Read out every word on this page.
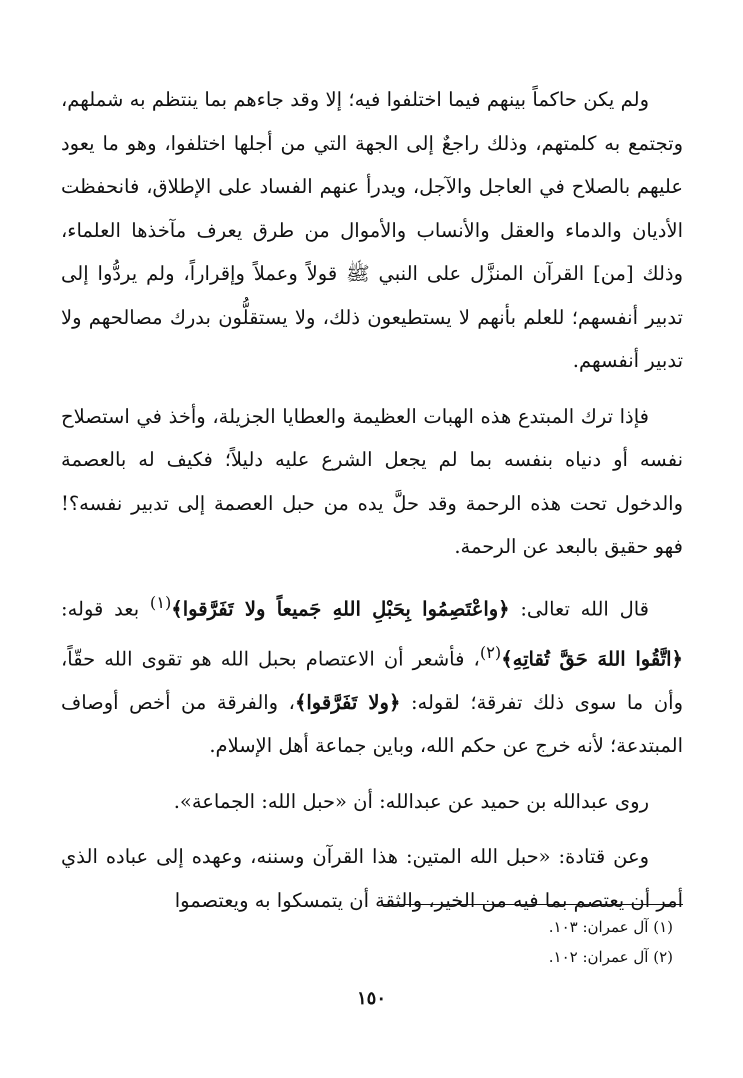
ولم يكن حاكماً بينهم فيما اختلفوا فيه؛ إلا وقد جاءهم بما ينتظم به شملهم، وتجتمع به كلمتهم، وذلك راجعٌ إلى الجهة التي من أجلها اختلفوا، وهو ما يعود عليهم بالصلاح في العاجل والآجل، ويدرأ عنهم الفساد على الإطلاق، فانحفظت الأديان والدماء والعقل والأنساب والأموال من طرق يعرف مآخذها العلماء، وذلك [من] القرآن المنزَّل على النبي ﷺ قولاً وعملاً وإقراراً، ولم يردُّوا إلى تدبير أنفسهم؛ للعلم بأنهم لا يستطيعون ذلك، ولا يستقلُّون بدرك مصالحهم ولا تدبير أنفسهم.

فإذا ترك المبتدع هذه الهبات العظيمة والعطايا الجزيلة، وأخذ في استصلاح نفسه أو دنياه بنفسه بما لم يجعل الشرع عليه دليلاً؛ فكيف له بالعصمة والدخول تحت هذه الرحمة وقد حلَّ يده من حبل العصمة إلى تدبير نفسه؟! فهو حقيق بالبعد عن الرحمة.

قال الله تعالى: ﴿واعْتَصِمُوا بِحَبْلِ اللهِ جَميعاً ولا تَفَرَّقوا﴾$^{(١)}$ بعد قوله: ﴿اتَّقُوا اللهَ حَقَّ تُقاتِهِ﴾$^{(٢)}$، فأشعر أن الاعتصام بحبل الله هو تقوى الله حقّاً، وأن ما سوى ذلك تفرقة؛ لقوله: ﴿ولا تَفَرَّقوا﴾، والفرقة من أخص أوصاف المبتدعة؛ لأنه خرج عن حكم الله، وباين جماعة أهل الإسلام.

روى عبدالله بن حميد عن عبدالله: أن «حبل الله: الجماعة».

وعن قتادة: «حبل الله المتين: هذا القرآن وسننه، وعهده إلى عباده الذي أمر أن يعتصم بما فيه من الخير، والثقة أن يتمسكوا به ويعتصموا

(١) آل عمران: ١٠٣.
(٢) آل عمران: ١٠٢.
١٥٠
